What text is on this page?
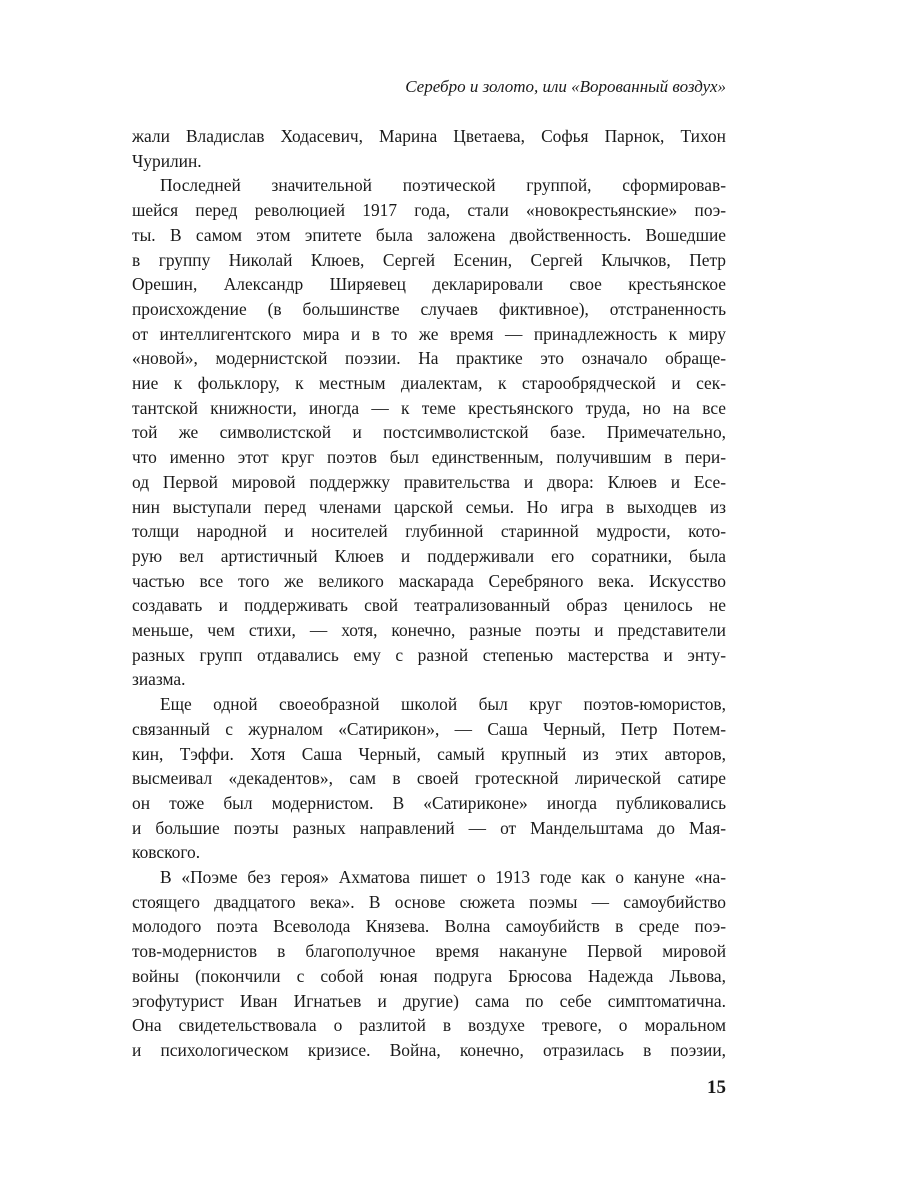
Серебро и золото, или «Ворованный воздух»
жали Владислав Ходасевич, Марина Цветаева, Софья Парнок, Тихон
Чурилин.
Последней значительной поэтической группой, сформировав-
шейся перед революцией 1917 года, стали «новокрестьянские» поэ-
ты. В самом этом эпитете была заложена двойственность. Вошедшие
в группу Николай Клюев, Сергей Есенин, Сергей Клычков, Петр
Орешин, Александр Ширяевец декларировали свое крестьянское
происхождение (в большинстве случаев фиктивное), отстраненность
от интеллигентского мира и в то же время — принадлежность к миру
«новой», модернистской поэзии. На практике это означало обраще-
ние к фольклору, к местным диалектам, к старообрядческой и сек-
тантской книжности, иногда — к теме крестьянского труда, но на все
той же символистской и постсимволистской базе. Примечательно,
что именно этот круг поэтов был единственным, получившим в пери-
од Первой мировой поддержку правительства и двора: Клюев и Есе-
нин выступали перед членами царской семьи. Но игра в выходцев из
толщи народной и носителей глубинной старинной мудрости, кото-
рую вел артистичный Клюев и поддерживали его соратники, была
частью все того же великого маскарада Серебряного века. Искусство
создавать и поддерживать свой театрализованный образ ценилось не
меньше, чем стихи, — хотя, конечно, разные поэты и представители
разных групп отдавались ему с разной степенью мастерства и энту-
зиазма.
Еще одной своеобразной школой был круг поэтов-юмористов,
связанный с журналом «Сатирикон», — Саша Черный, Петр Потем-
кин, Тэффи. Хотя Саша Черный, самый крупный из этих авторов,
высмеивал «декадентов», сам в своей гротескной лирической сатире
он тоже был модернистом. В «Сатириконе» иногда публиковались
и большие поэты разных направлений — от Мандельштама до Мая-
ковского.
В «Поэме без героя» Ахматова пишет о 1913 годе как о кануне «на-
стоящего двадцатого века». В основе сюжета поэмы — самоубийство
молодого поэта Всеволода Князева. Волна самоубийств в среде поэ-
тов-модернистов в благополучное время накануне Первой мировой
войны (покончили с собой юная подруга Брюсова Надежда Львова,
эгофутурист Иван Игнатьев и другие) сама по себе симптоматична.
Она свидетельствовала о разлитой в воздухе тревоге, о моральном
и психологическом кризисе. Война, конечно, отразилась в поэзии,
15
